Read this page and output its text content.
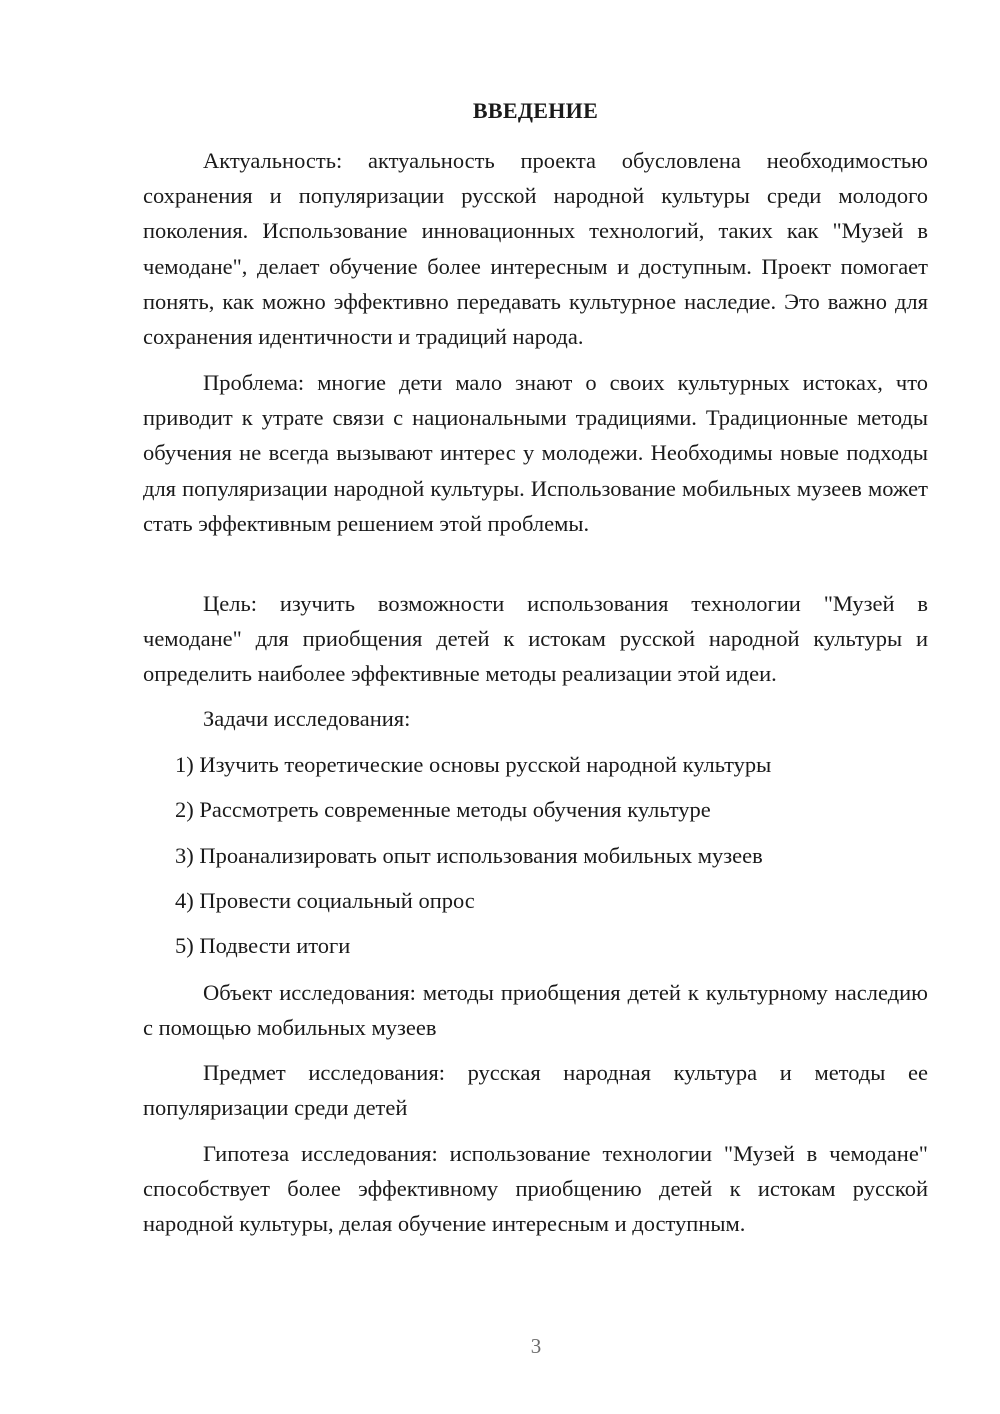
ВВЕДЕНИЕ

Актуальность: актуальность проекта обусловлена необходимостью сохранения и популяризации русской народной культуры среди молодого поколения. Использование инновационных технологий, таких как "Музей в чемодане", делает обучение более интересным и доступным. Проект помогает понять, как можно эффективно передавать культурное наследие. Это важно для сохранения идентичности и традиций народа.

Проблема: многие дети мало знают о своих культурных истоках, что приводит к утрате связи с национальными традициями. Традиционные методы обучения не всегда вызывают интерес у молодежи. Необходимы новые подходы для популяризации народной культуры. Использование мобильных музеев может стать эффективным решением этой проблемы.

Цель: изучить возможности использования технологии "Музей в чемодане" для приобщения детей к истокам русской народной культуры и определить наиболее эффективные методы реализации этой идеи.

Задачи исследования:

1) Изучить теоретические основы русской народной культуры

2) Рассмотреть современные методы обучения культуре

3) Проанализировать опыт использования мобильных музеев

4) Провести социальный опрос

5) Подвести итоги

Объект исследования: методы приобщения детей к культурному наследию с помощью мобильных музеев

Предмет исследования: русская народная культура и методы ее популяризации среди детей

Гипотеза исследования: использование технологии "Музей в чемодане" способствует более эффективному приобщению детей к истокам русской народной культуры, делая обучение интересным и доступным.

3
